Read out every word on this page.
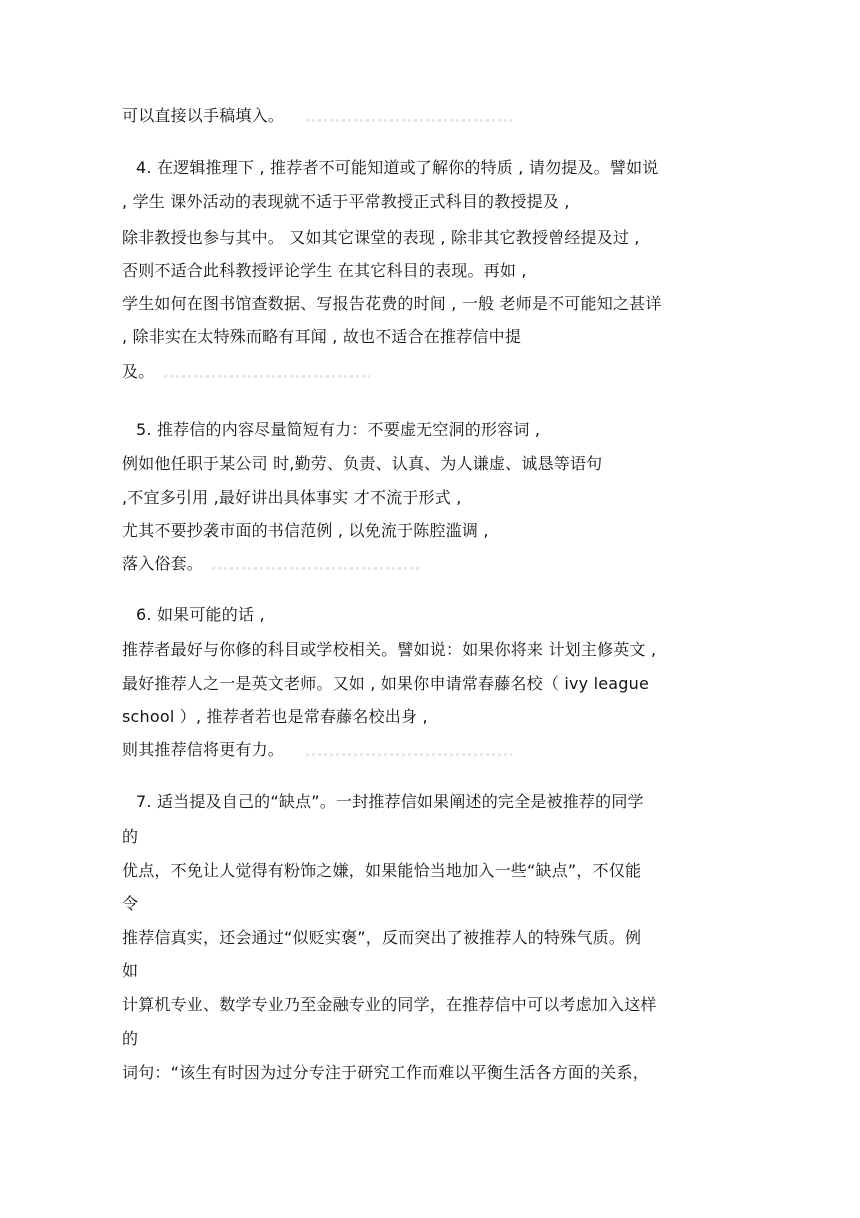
可以直接以手稿填入。
4. 在逻辑推理下 , 推荐者不可能知道或了解你的特质 , 请勿提及。譬如说
, 学生 课外活动的表现就不适于平常教授正式科目的教授提及 ,
除非教授也参与其中。 又如其它课堂的表现 , 除非其它教授曾经提及过 ,
否则不适合此科教授评论学生 在其它科目的表现。再如 ,
学生如何在图书馆查数据、写报告花费的时间 , 一般 老师是不可能知之甚详
, 除非实在太特殊而略有耳闻 , 故也不适合在推荐信中提
及。
5. 推荐信的内容尽量简短有力：不要虚无空洞的形容词 ,
例如他任职于某公司 时,勤劳、负责、认真、为人谦虚、诚恳等语句
,不宜多引用 ,最好讲出具体事实 才不流于形式 ,
尤其不要抄袭市面的书信范例 , 以免流于陈腔滥调 ,
落入俗套。
6. 如果可能的话 ,
推荐者最好与你修的科目或学校相关。譬如说：如果你将来 计划主修英文 ,
最好推荐人之一是英文老师。又如 , 如果你申请常春藤名校（ ivy league
school ）, 推荐者若也是常春藤名校出身 ,
则其推荐信将更有力。
7. 适当提及自己的“缺点”。一封推荐信如果阐述的完全是被推荐的同学
的
优点，不免让人觉得有粉饰之嫌，如果能恰当地加入一些“缺点”，不仅能
令
推荐信真实，还会通过“似贬实褒”，反而突出了被推荐人的特殊气质。例
如
计算机专业、数学专业乃至金融专业的同学，在推荐信中可以考虑加入这样
的
词句：“该生有时因为过分专注于研究工作而难以平衡生活各方面的关系，
